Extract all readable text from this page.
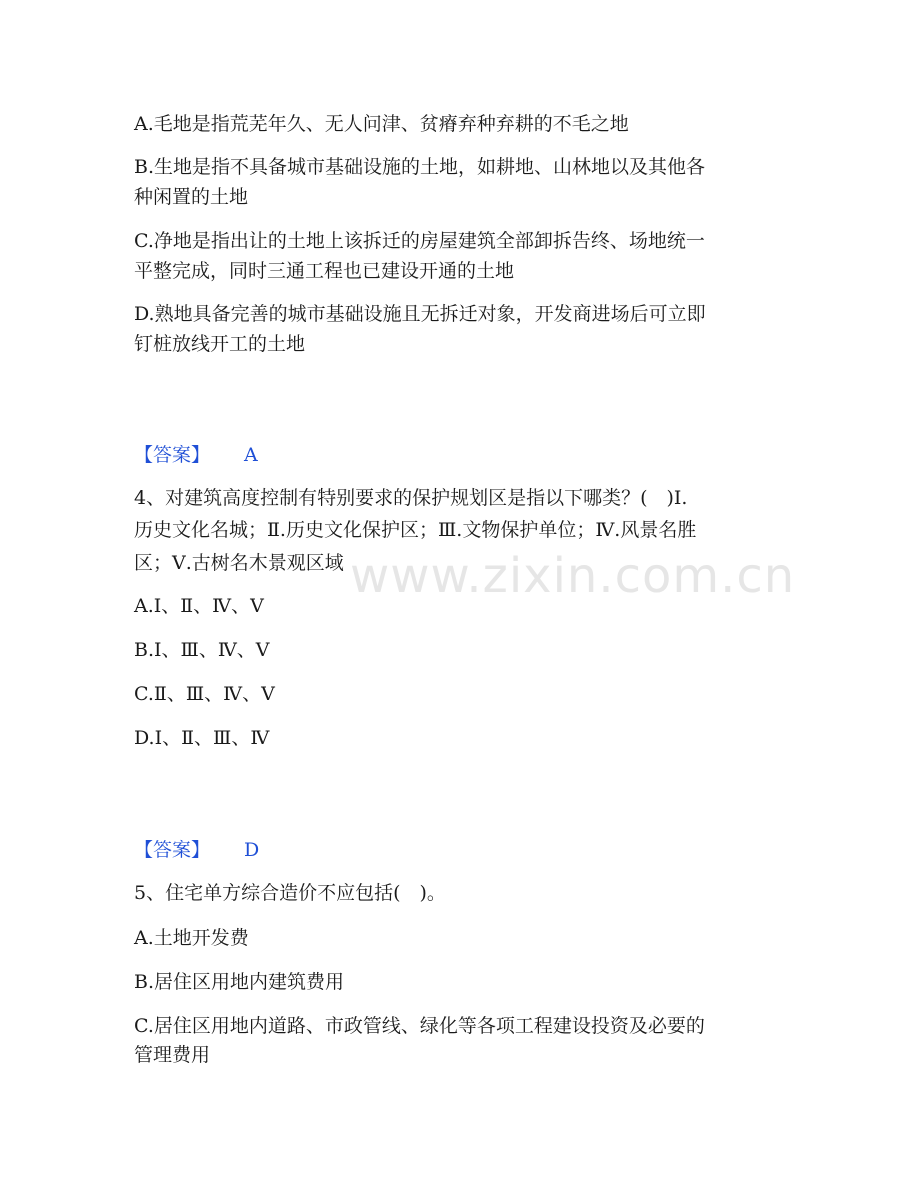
www.zixin.com.cn
A.毛地是指荒芜年久、无人问津、贫瘠弃种弃耕的不毛之地
B.生地是指不具备城市基础设施的土地，如耕地、山林地以及其他各
种闲置的土地
C.净地是指出让的土地上该拆迁的房屋建筑全部卸拆告终、场地统一
平整完成，同时三通工程也已建设开通的土地
D.熟地具备完善的城市基础设施且无拆迁对象，开发商进场后可立即
钉桩放线开工的土地
【答案】 A
4、对建筑高度控制有特别要求的保护规划区是指以下哪类？(　)Ⅰ.
历史文化名城；Ⅱ.历史文化保护区；Ⅲ.文物保护单位；Ⅳ.风景名胜
区；Ⅴ.古树名木景观区域
A.Ⅰ、Ⅱ、Ⅳ、Ⅴ
B.Ⅰ、Ⅲ、Ⅳ、Ⅴ
C.Ⅱ、Ⅲ、Ⅳ、Ⅴ
D.Ⅰ、Ⅱ、Ⅲ、Ⅳ
【答案】 D
5、住宅单方综合造价不应包括(　)。
A.土地开发费
B.居住区用地内建筑费用
C.居住区用地内道路、市政管线、绿化等各项工程建设投资及必要的
管理费用
